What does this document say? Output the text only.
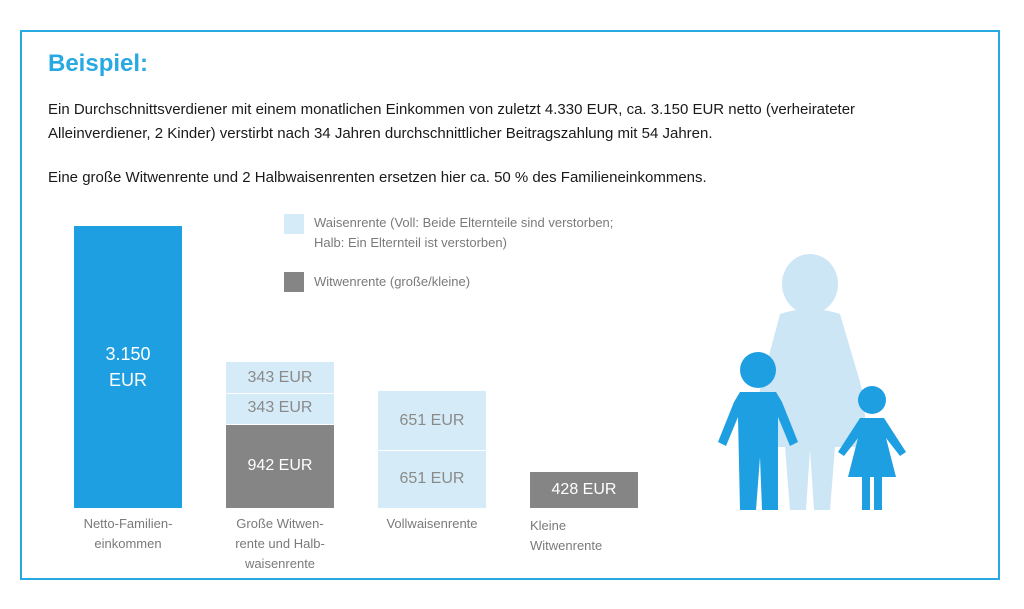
Beispiel:
Ein Durchschnittsverdiener mit einem monatlichen Einkommen von zuletzt 4.330 EUR, ca. 3.150 EUR netto (verheirateter Alleinverdiener, 2 Kinder) verstirbt nach 34 Jahren durchschnittlicher Beitragszahlung mit 54 Jahren.
Eine große Witwenrente und 2 Halbwaisenrenten ersetzen hier ca. 50 % des Familieneinkommens.
Waisenrente (Voll: Beide Elternteile sind verstorben;
Halb: Ein Elternteil ist verstorben)
Witwenrente (große/kleine)
3.150
EUR
Netto-Familien-
einkommen
942 EUR
343 EUR
343 EUR
Große Witwen-
rente und Halb-
waisenrente
651 EUR
651 EUR
Vollwaisenrente
428 EUR
Kleine
Witwenrente
